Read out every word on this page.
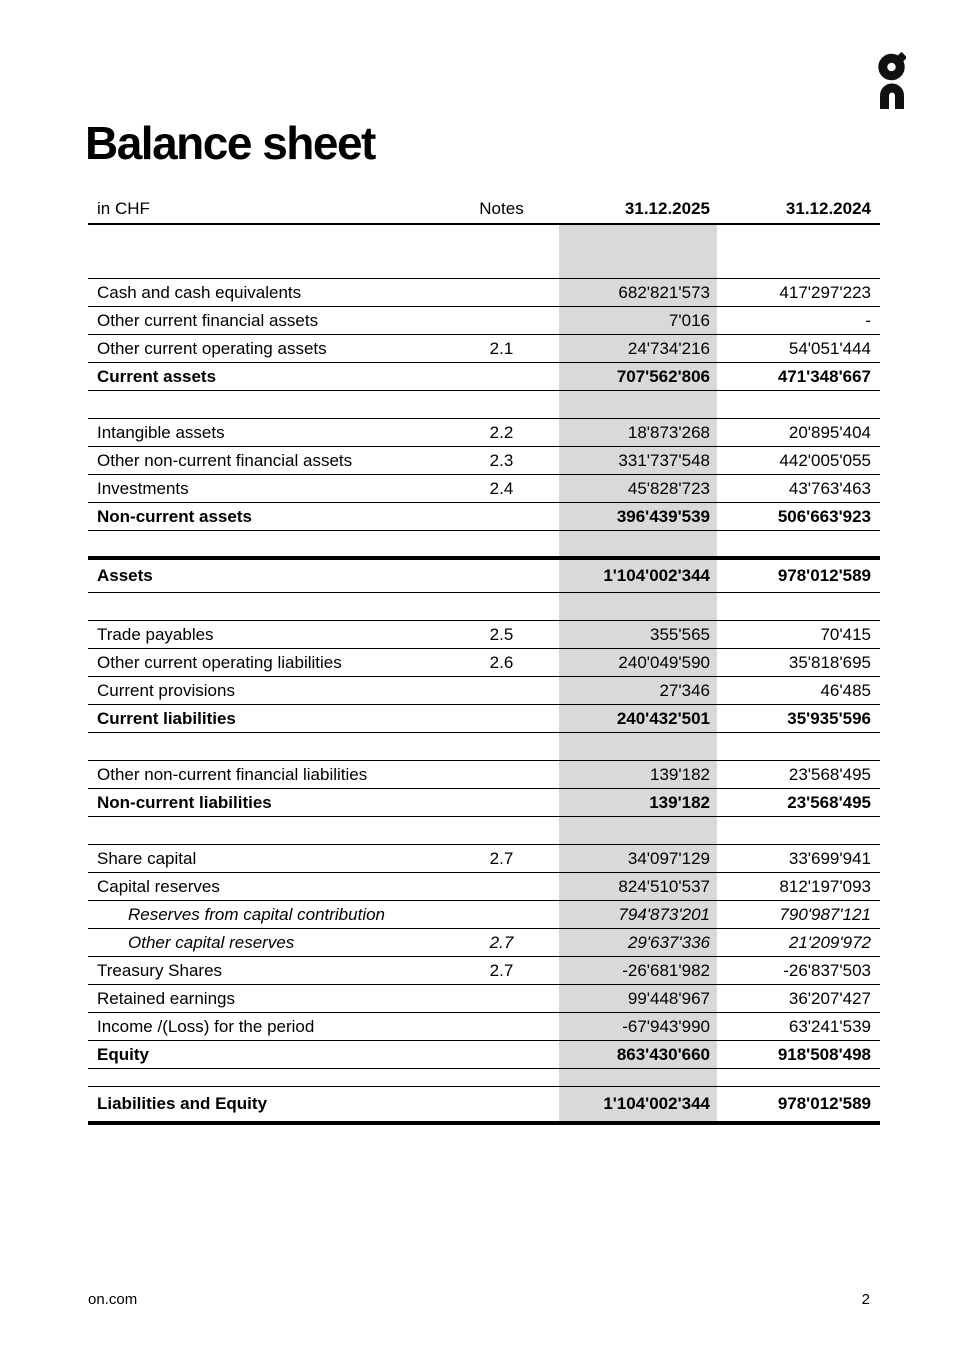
Balance sheet
in CHF	Notes	31.12.2025	31.12.2024

Cash and cash equivalents		682'821'573	417'297'223
Other current financial assets		7'016	-
Other current operating assets	2.1	24'734'216	54'051'444
Current assets		707'562'806	471'348'667

Intangible assets	2.2	18'873'268	20'895'404
Other non-current financial assets	2.3	331'737'548	442'005'055
Investments	2.4	45'828'723	43'763'463
Non-current assets		396'439'539	506'663'923

Assets		1'104'002'344	978'012'589

Trade payables	2.5	355'565	70'415
Other current operating liabilities	2.6	240'049'590	35'818'695
Current provisions		27'346	46'485
Current liabilities		240'432'501	35'935'596

Other non-current financial liabilities		139'182	23'568'495
Non-current liabilities		139'182	23'568'495

Share capital	2.7	34'097'129	33'699'941
Capital reserves		824'510'537	812'197'093
Reserves from capital contribution		794'873'201	790'987'121
Other capital reserves	2.7	29'637'336	21'209'972
Treasury Shares	2.7	-26'681'982	-26'837'503
Retained earnings		99'448'967	36'207'427
Income /(Loss) for the period		-67'943'990	63'241'539
Equity		863'430'660	918'508'498

Liabilities and Equity		1'104'002'344	978'012'589
on.com	2
